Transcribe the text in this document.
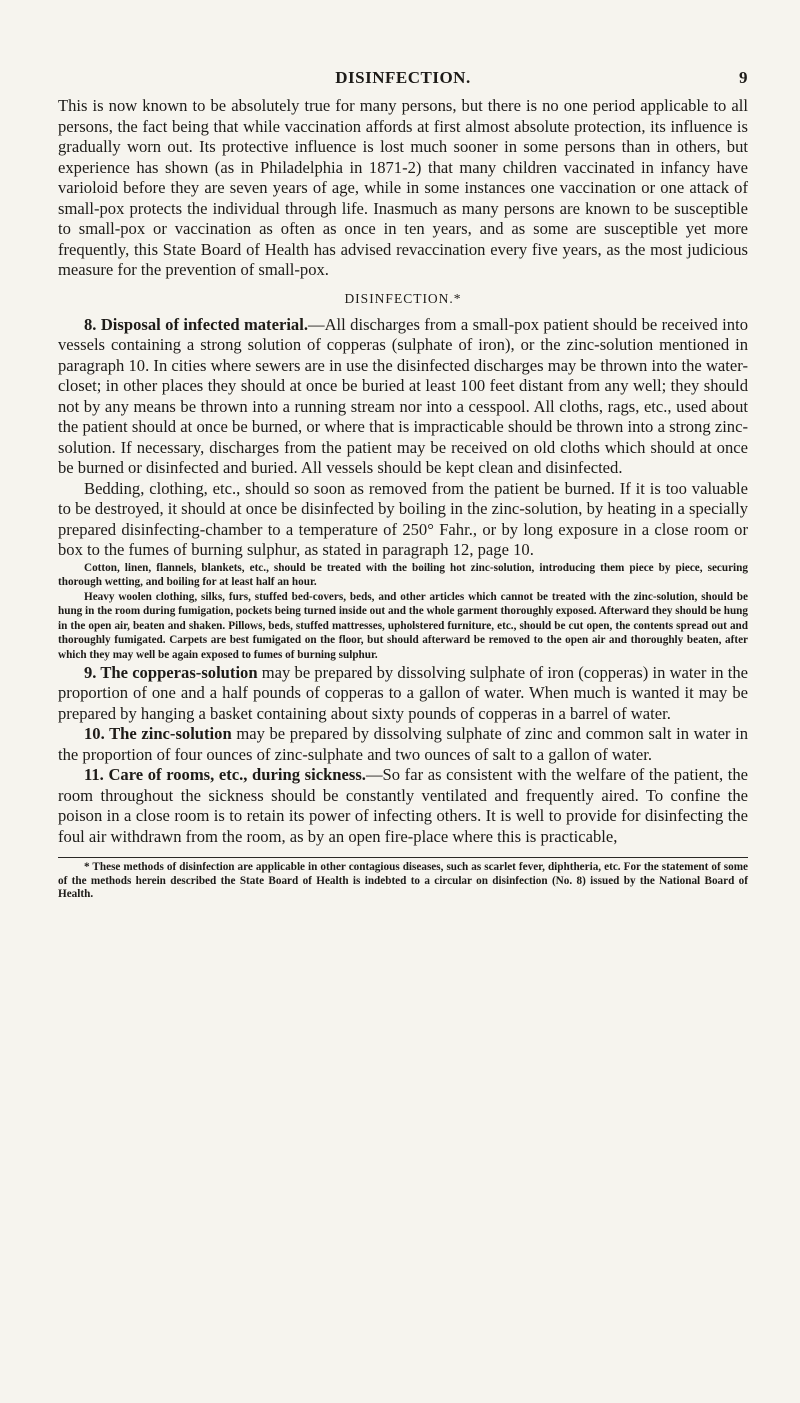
DISINFECTION.	9

This is now known to be absolutely true for many persons, but there is no one period applicable to all persons, the fact being that while vaccination affords at first almost absolute protection, its influence is gradually worn out. Its protective influence is lost much sooner in some persons than in others, but experience has shown (as in Philadelphia in 1871-2) that many children vaccinated in infancy have varioloid before they are seven years of age, while in some instances one vaccination or one attack of small-pox protects the individual through life. Inasmuch as many persons are known to be susceptible to small-pox or vaccination as often as once in ten years, and as some are susceptible yet more frequently, this State Board of Health has advised revaccination every five years, as the most judicious measure for the prevention of small-pox.

DISINFECTION.*

8. Disposal of infected material.—All discharges from a small-pox patient should be received into vessels containing a strong solution of copperas (sulphate of iron), or the zinc-solution mentioned in paragraph 10. In cities where sewers are in use the disinfected discharges may be thrown into the water-closet; in other places they should at once be buried at least 100 feet distant from any well; they should not by any means be thrown into a running stream nor into a cesspool. All cloths, rags, etc., used about the patient should at once be burned, or where that is impracticable should be thrown into a strong zinc-solution. If necessary, discharges from the patient may be received on old cloths which should at once be burned or disinfected and buried. All vessels should be kept clean and disinfected.

Bedding, clothing, etc., should so soon as removed from the patient be burned. If it is too valuable to be destroyed, it should at once be disinfected by boiling in the zinc-solution, by heating in a specially prepared disinfecting-chamber to a temperature of 250° Fahr., or by long exposure in a close room or box to the fumes of burning sulphur, as stated in paragraph 12, page 10.

Cotton, linen, flannels, blankets, etc., should be treated with the boiling hot zinc-solution, introducing them piece by piece, securing thorough wetting, and boiling for at least half an hour.

Heavy woolen clothing, silks, furs, stuffed bed-covers, beds, and other articles which cannot be treated with the zinc-solution, should be hung in the room during fumigation, pockets being turned inside out and the whole garment thoroughly exposed. Afterward they should be hung in the open air, beaten and shaken. Pillows, beds, stuffed mattresses, upholstered furniture, etc., should be cut open, the contents spread out and thoroughly fumigated. Carpets are best fumigated on the floor, but should afterward be removed to the open air and thoroughly beaten, after which they may well be again exposed to fumes of burning sulphur.

9. The copperas-solution may be prepared by dissolving sulphate of iron (copperas) in water in the proportion of one and a half pounds of copperas to a gallon of water. When much is wanted it may be prepared by hanging a basket containing about sixty pounds of copperas in a barrel of water.

10. The zinc-solution may be prepared by dissolving sulphate of zinc and common salt in water in the proportion of four ounces of zinc-sulphate and two ounces of salt to a gallon of water.

11. Care of rooms, etc., during sickness.—So far as consistent with the welfare of the patient, the room throughout the sickness should be constantly ventilated and frequently aired. To confine the poison in a close room is to retain its power of infecting others. It is well to provide for disinfecting the foul air withdrawn from the room, as by an open fire-place where this is practicable,

* These methods of disinfection are applicable in other contagious diseases, such as scarlet fever, diphtheria, etc. For the statement of some of the methods herein described the State Board of Health is indebted to a circular on disinfection (No. 8) issued by the National Board of Health.
